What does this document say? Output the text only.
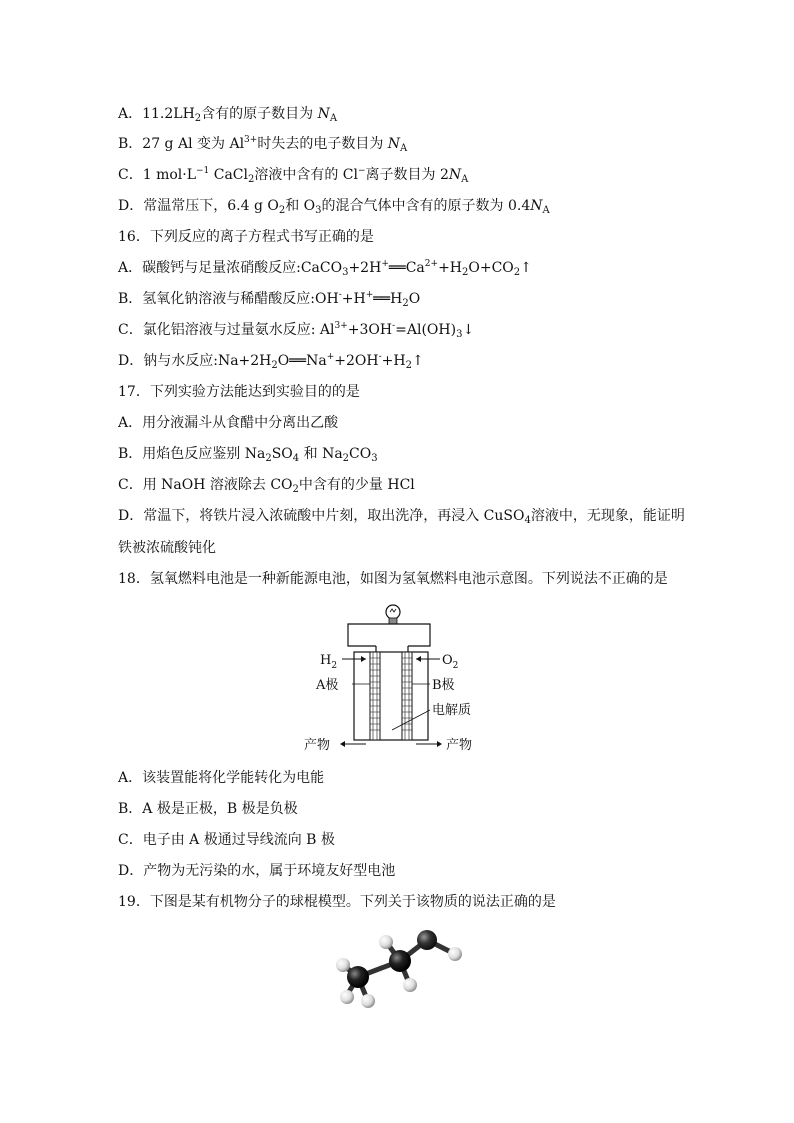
A．$11.2LH_2$含有的原子数目为 $N_A$
B．27 g Al 变为 $Al^{3+}$时失去的电子数目为 $N_A$
C．1 $mol\cdot L^{-1}$ CaCl$_2$溶液中含有的 Cl−离子数目为 $2N_A$
D．常温常压下，6.4 g $O_2$和 $O_3$的混合气体中含有的原子数为 $0.4N_A$
16．下列反应的离子方程式书写正确的是
A．碳酸钙与足量浓硝酸反应$:CaCO_3+2H^+══Ca^{2+}+H_2O+CO_2↑$
B．氢氧化钠溶液与稀醋酸反应$:OH^-+H^+══H_2O$
C．氯化铝溶液与过量氨水反应: $Al^{3+}+3OH^-=Al(OH)_3↓$
D．钠与水反应$:Na+2H_2O══Na^++2OH^-+H_2↑$
17．下列实验方法能达到实验目的的是
A．用分液漏斗从食醋中分离出乙酸
B．用焰色反应鉴别 $Na_2SO_4$ 和 $Na_2CO_3$
C．用 NaOH 溶液除去 $CO_2$中含有的少量 HCl
D．常温下，将铁片浸入浓硫酸中片刻，取出洗净，再浸入 CuSO$_4$溶液中，无现象，能证明
铁被浓硫酸钝化
18．氢氧燃料电池是一种新能源电池，如图为氢氧燃料电池示意图。下列说法不正确的是
$H_2$	$O_2$
A极	B极
电解质
产物	产物
A．该装置能将化学能转化为电能
B．A 极是正极，B 极是负极
C．电子由 A 极通过导线流向 B 极
D．产物为无污染的水，属于环境友好型电池
19．下图是某有机物分子的球棍模型。下列关于该物质的说法正确的是
